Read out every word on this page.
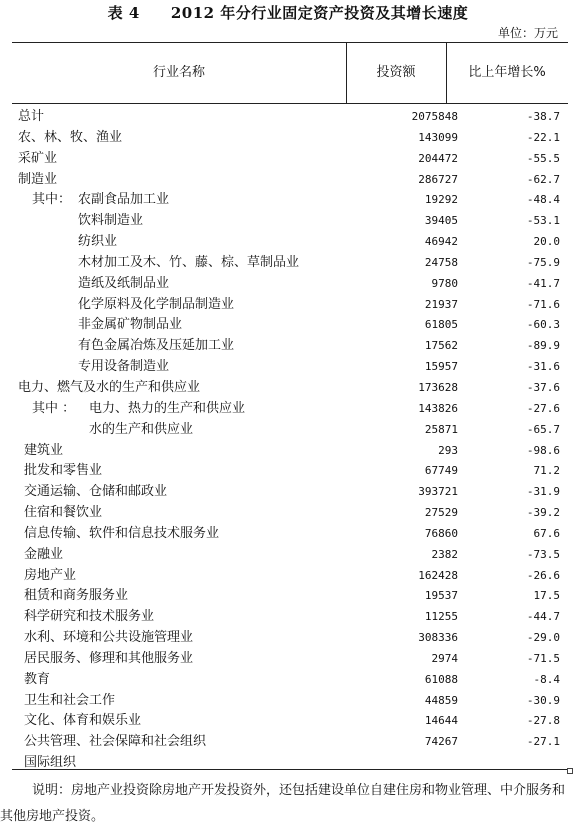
表 4　　2012 年分行业固定资产投资及其增长速度
单位：万元
行业名称	投资额	比上年增长%
总计	2075848	-38.7
农、林、牧、渔业	143099	-22.1
采矿业	204472	-55.5
制造业	286727	-62.7
其中： 农副食品加工业	19292	-48.4
饮料制造业	39405	-53.1
纺织业	46942	20.0
木材加工及木、竹、藤、棕、草制品业	24758	-75.9
造纸及纸制品业	9780	-41.7
化学原料及化学制品制造业	21937	-71.6
非金属矿物制品业	61805	-60.3
有色金属冶炼及压延加工业	17562	-89.9
专用设备制造业	15957	-31.6
电力、燃气及水的生产和供应业	173628	-37.6
其中 ： 电力、热力的生产和供应业	143826	-27.6
水的生产和供应业	25871	-65.7
建筑业	293	-98.6
批发和零售业	67749	71.2
交通运输、仓储和邮政业	393721	-31.9
住宿和餐饮业	27529	-39.2
信息传输、软件和信息技术服务业	76860	67.6
金融业	2382	-73.5
房地产业	162428	-26.6
租赁和商务服务业	19537	17.5
科学研究和技术服务业	11255	-44.7
水利、环境和公共设施管理业	308336	-29.0
居民服务、修理和其他服务业	2974	-71.5
教育	61088	-8.4
卫生和社会工作	44859	-30.9
文化、体育和娱乐业	14644	-27.8
公共管理、社会保障和社会组织	74267	-27.1
国际组织
说明：房地产业投资除房地产开发投资外，还包括建设单位自建住房和物业管理、中介服务和其他房地产投资。
